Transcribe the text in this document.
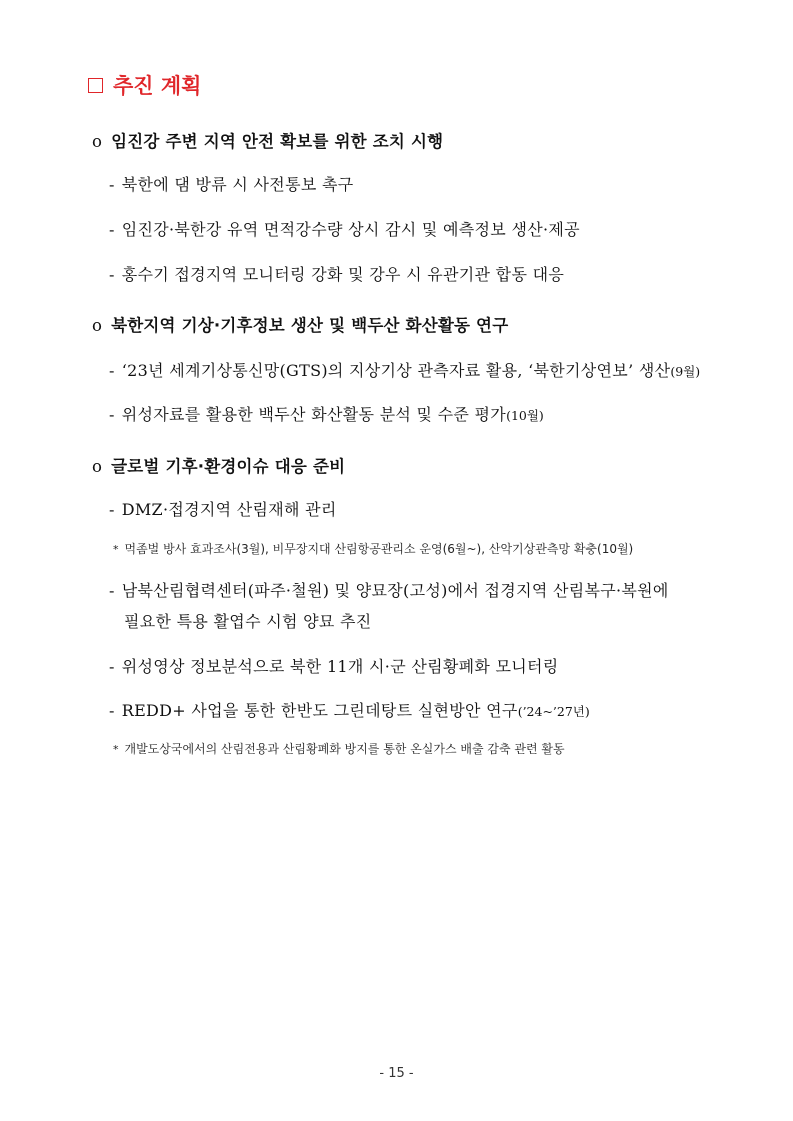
추진 계획
o 임진강 주변 지역 안전 확보를 위한 조치 시행
- 북한에 댐 방류 시 사전통보 촉구
- 임진강·북한강 유역 면적강수량 상시 감시 및 예측정보 생산·제공
- 홍수기 접경지역 모니터링 강화 및 강우 시 유관기관 합동 대응
o 북한지역 기상·기후정보 생산 및 백두산 화산활동 연구
- ‘23년 세계기상통신망(GTS)의 지상기상 관측자료 활용, ‘북한기상연보’ 생산(9월)
- 위성자료를 활용한 백두산 화산활동 분석 및 수준 평가(10월)
o 글로벌 기후·환경이슈 대응 준비
- DMZ·접경지역 산림재해 관리
* 먹좀벌 방사 효과조사(3월), 비무장지대 산림항공관리소 운영(6월~), 산악기상관측망 확충(10월)
- 남북산림협력센터(파주·철원) 및 양묘장(고성)에서 접경지역 산림복구·복원에
필요한 특용 활엽수 시험 양묘 추진
- 위성영상 정보분석으로 북한 11개 시·군 산림황폐화 모니터링
- REDD+ 사업을 통한 한반도 그린데탕트 실현방안 연구(’24~’27년)
* 개발도상국에서의 산림전용과 산림황폐화 방지를 통한 온실가스 배출 감축 관련 활동
- 15 -
